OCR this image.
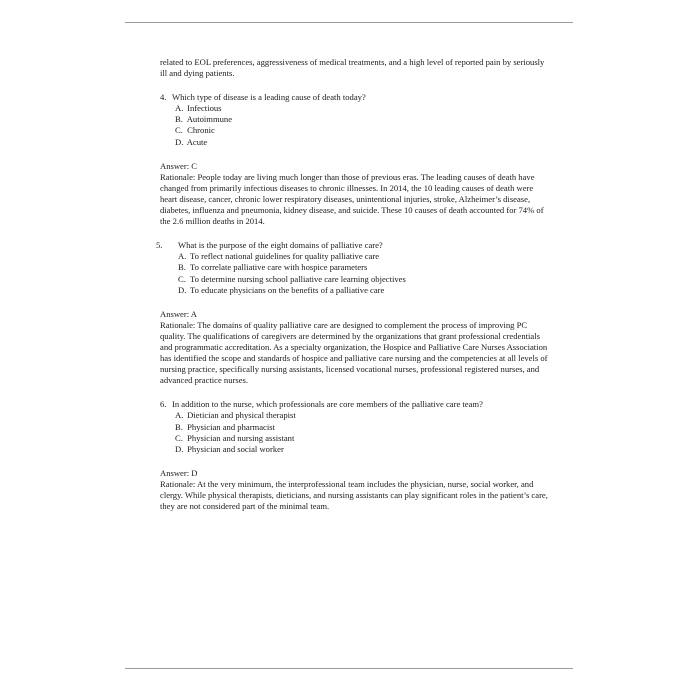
related to EOL preferences, aggressiveness of medical treatments, and a high level of reported pain by seriously ill and dying patients.

4. Which type of disease is a leading cause of death today?

A. Infectious
B. Autoimmune
C. Chronic
D. Acute

Answer: C

Rationale: People today are living much longer than those of previous eras. The leading causes of death have changed from primarily infectious diseases to chronic illnesses. In 2014, the 10 leading causes of death were heart disease, cancer, chronic lower respiratory diseases, unintentional injuries, stroke, Alzheimer’s disease, diabetes, influenza and pneumonia, kidney disease, and suicide. These 10 causes of death accounted for 74% of the 2.6 million deaths in 2014.

5. What is the purpose of the eight domains of palliative care?

A. To reflect national guidelines for quality palliative care
B. To correlate palliative care with hospice parameters
C. To determine nursing school palliative care learning objectives
D. To educate physicians on the benefits of a palliative care

Answer: A

Rationale: The domains of quality palliative care are designed to complement the process of improving PC quality. The qualifications of caregivers are determined by the organizations that grant professional credentials and programmatic accreditation. As a specialty organization, the Hospice and Palliative Care Nurses Association has identified the scope and standards of hospice and palliative care nursing and the competencies at all levels of nursing practice, specifically nursing assistants, licensed vocational nurses, professional registered nurses, and advanced practice nurses.

6. In addition to the nurse, which professionals are core members of the palliative care team?

A. Dietician and physical therapist
B. Physician and pharmacist
C. Physician and nursing assistant
D. Physician and social worker

Answer: D

Rationale: At the very minimum, the interprofessional team includes the physician, nurse, social worker, and clergy. While physical therapists, dieticians, and nursing assistants can play significant roles in the patient’s care, they are not considered part of the minimal team.
